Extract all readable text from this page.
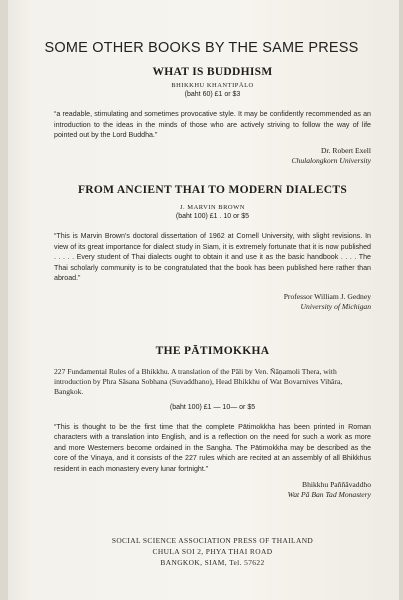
SOME OTHER BOOKS BY THE SAME PRESS
WHAT IS BUDDHISM
BHIKKHU KHANTIPĀLO
(baht 60) £1 or $3
“a readable, stimulating and sometimes provocative style. It may be confidently recommended as an introduction to the ideas in the minds of those who are actively striving to follow the way of life pointed out by the Lord Buddha.”
Dr. Robert Exell
Chulalongkorn University
FROM ANCIENT THAI TO MODERN DIALECTS
J. MARVIN BROWN
(baht 100) £1 . 10 or $5
“This is Marvin Brown's doctoral dissertation of 1962 at Cornell University, with slight revisions. In view of its great importance for dialect study in Siam, it is extremely fortunate that it is now published . . . . . Every student of Thai dialects ought to obtain it and use it as the basic handbook . . . . The Thai scholarly community is to be congratulated that the book has been published here rather than abroad.”
Professor William J. Gedney
University of Michigan
THE PĀTIMOKKHA
227 Fundamental Rules of a Bhikkhu. A translation of the Pāli by Ven. Ñāṇamoli Thera, with introduction by Phra Sāsana Sobhana (Suvaddhano), Head Bhikkhu of Wat Bovarnives Vihāra, Bangkok.
(baht 100) £1 — 10— or $5
“This is thought to be the first time that the complete Pātimokkha has been printed in Roman characters with a translation into English, and is a reflection on the need for such a work as more and more Westerners become ordained in the Sangha. The Pātimokkha may be described as the core of the Vinaya, and it consists of the 227 rules which are recited at an assembly of all Bhikkhus resident in each monastery every lunar fortnight.”
Bhikkhu Paññāvaddho
Wat Pā Ban Tad Monastery
SOCIAL SCIENCE ASSOCIATION PRESS OF THAILAND
CHULA SOI 2, PHYA THAI ROAD
BANGKOK, SIAM, Tel. 57622
